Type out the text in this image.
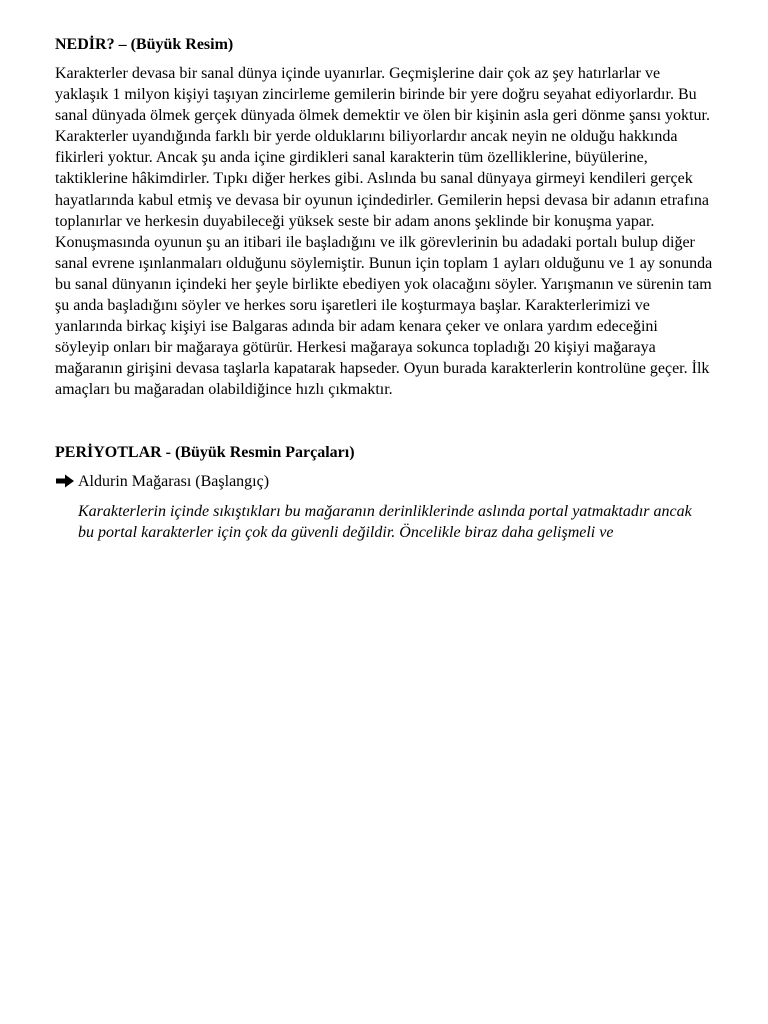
NEDİR? – (Büyük Resim)

Karakterler devasa bir sanal dünya içinde uyanırlar. Geçmişlerine dair çok az şey hatırlarlar ve yaklaşık 1 milyon kişiyi taşıyan zincirleme gemilerin birinde bir yere doğru seyahat ediyorlardır. Bu sanal dünyada ölmek gerçek dünyada ölmek demektir ve ölen bir kişinin asla geri dönme şansı yoktur. Karakterler uyandığında farklı bir yerde olduklarını biliyorlardır ancak neyin ne olduğu hakkında fikirleri yoktur. Ancak şu anda içine girdikleri sanal karakterin tüm özelliklerine, büyülerine, taktiklerine hâkimdirler. Tıpkı diğer herkes gibi. Aslında bu sanal dünyaya girmeyi kendileri gerçek hayatlarında kabul etmiş ve devasa bir oyunun içindedirler. Gemilerin hepsi devasa bir adanın etrafına toplanırlar ve herkesin duyabileceği yüksek seste bir adam anons şeklinde bir konuşma yapar. Konuşmasında oyunun şu an itibari ile başladığını ve ilk görevlerinin bu adadaki portalı bulup diğer sanal evrene ışınlanmaları olduğunu söylemiştir. Bunun için toplam 1 ayları olduğunu ve 1 ay sonunda bu sanal dünyanın içindeki her şeyle birlikte ebediyen yok olacağını söyler. Yarışmanın ve sürenin tam şu anda başladığını söyler ve herkes soru işaretleri ile koşturmaya başlar. Karakterlerimizi ve yanlarında birkaç kişiyi ise Balgaras adında bir adam kenara çeker ve onlara yardım edeceğini söyleyip onları bir mağaraya götürür. Herkesi mağaraya sokunca topladığı 20 kişiyi mağaraya mağaranın girişini devasa taşlarla kapatarak hapseder. Oyun burada karakterlerin kontrolüne geçer. İlk amaçları bu mağaradan olabildiğince hızlı çıkmaktır.

PERİYOTLAR - (Büyük Resmin Parçaları)
Aldurin Mağarası (Başlangıç)

Karakterlerin içinde sıkıştıkları bu mağaranın derinliklerinde aslında portal yatmaktadır ancak bu portal karakterler için çok da güvenli değildir. Öncelikle biraz daha gelişmeli ve
